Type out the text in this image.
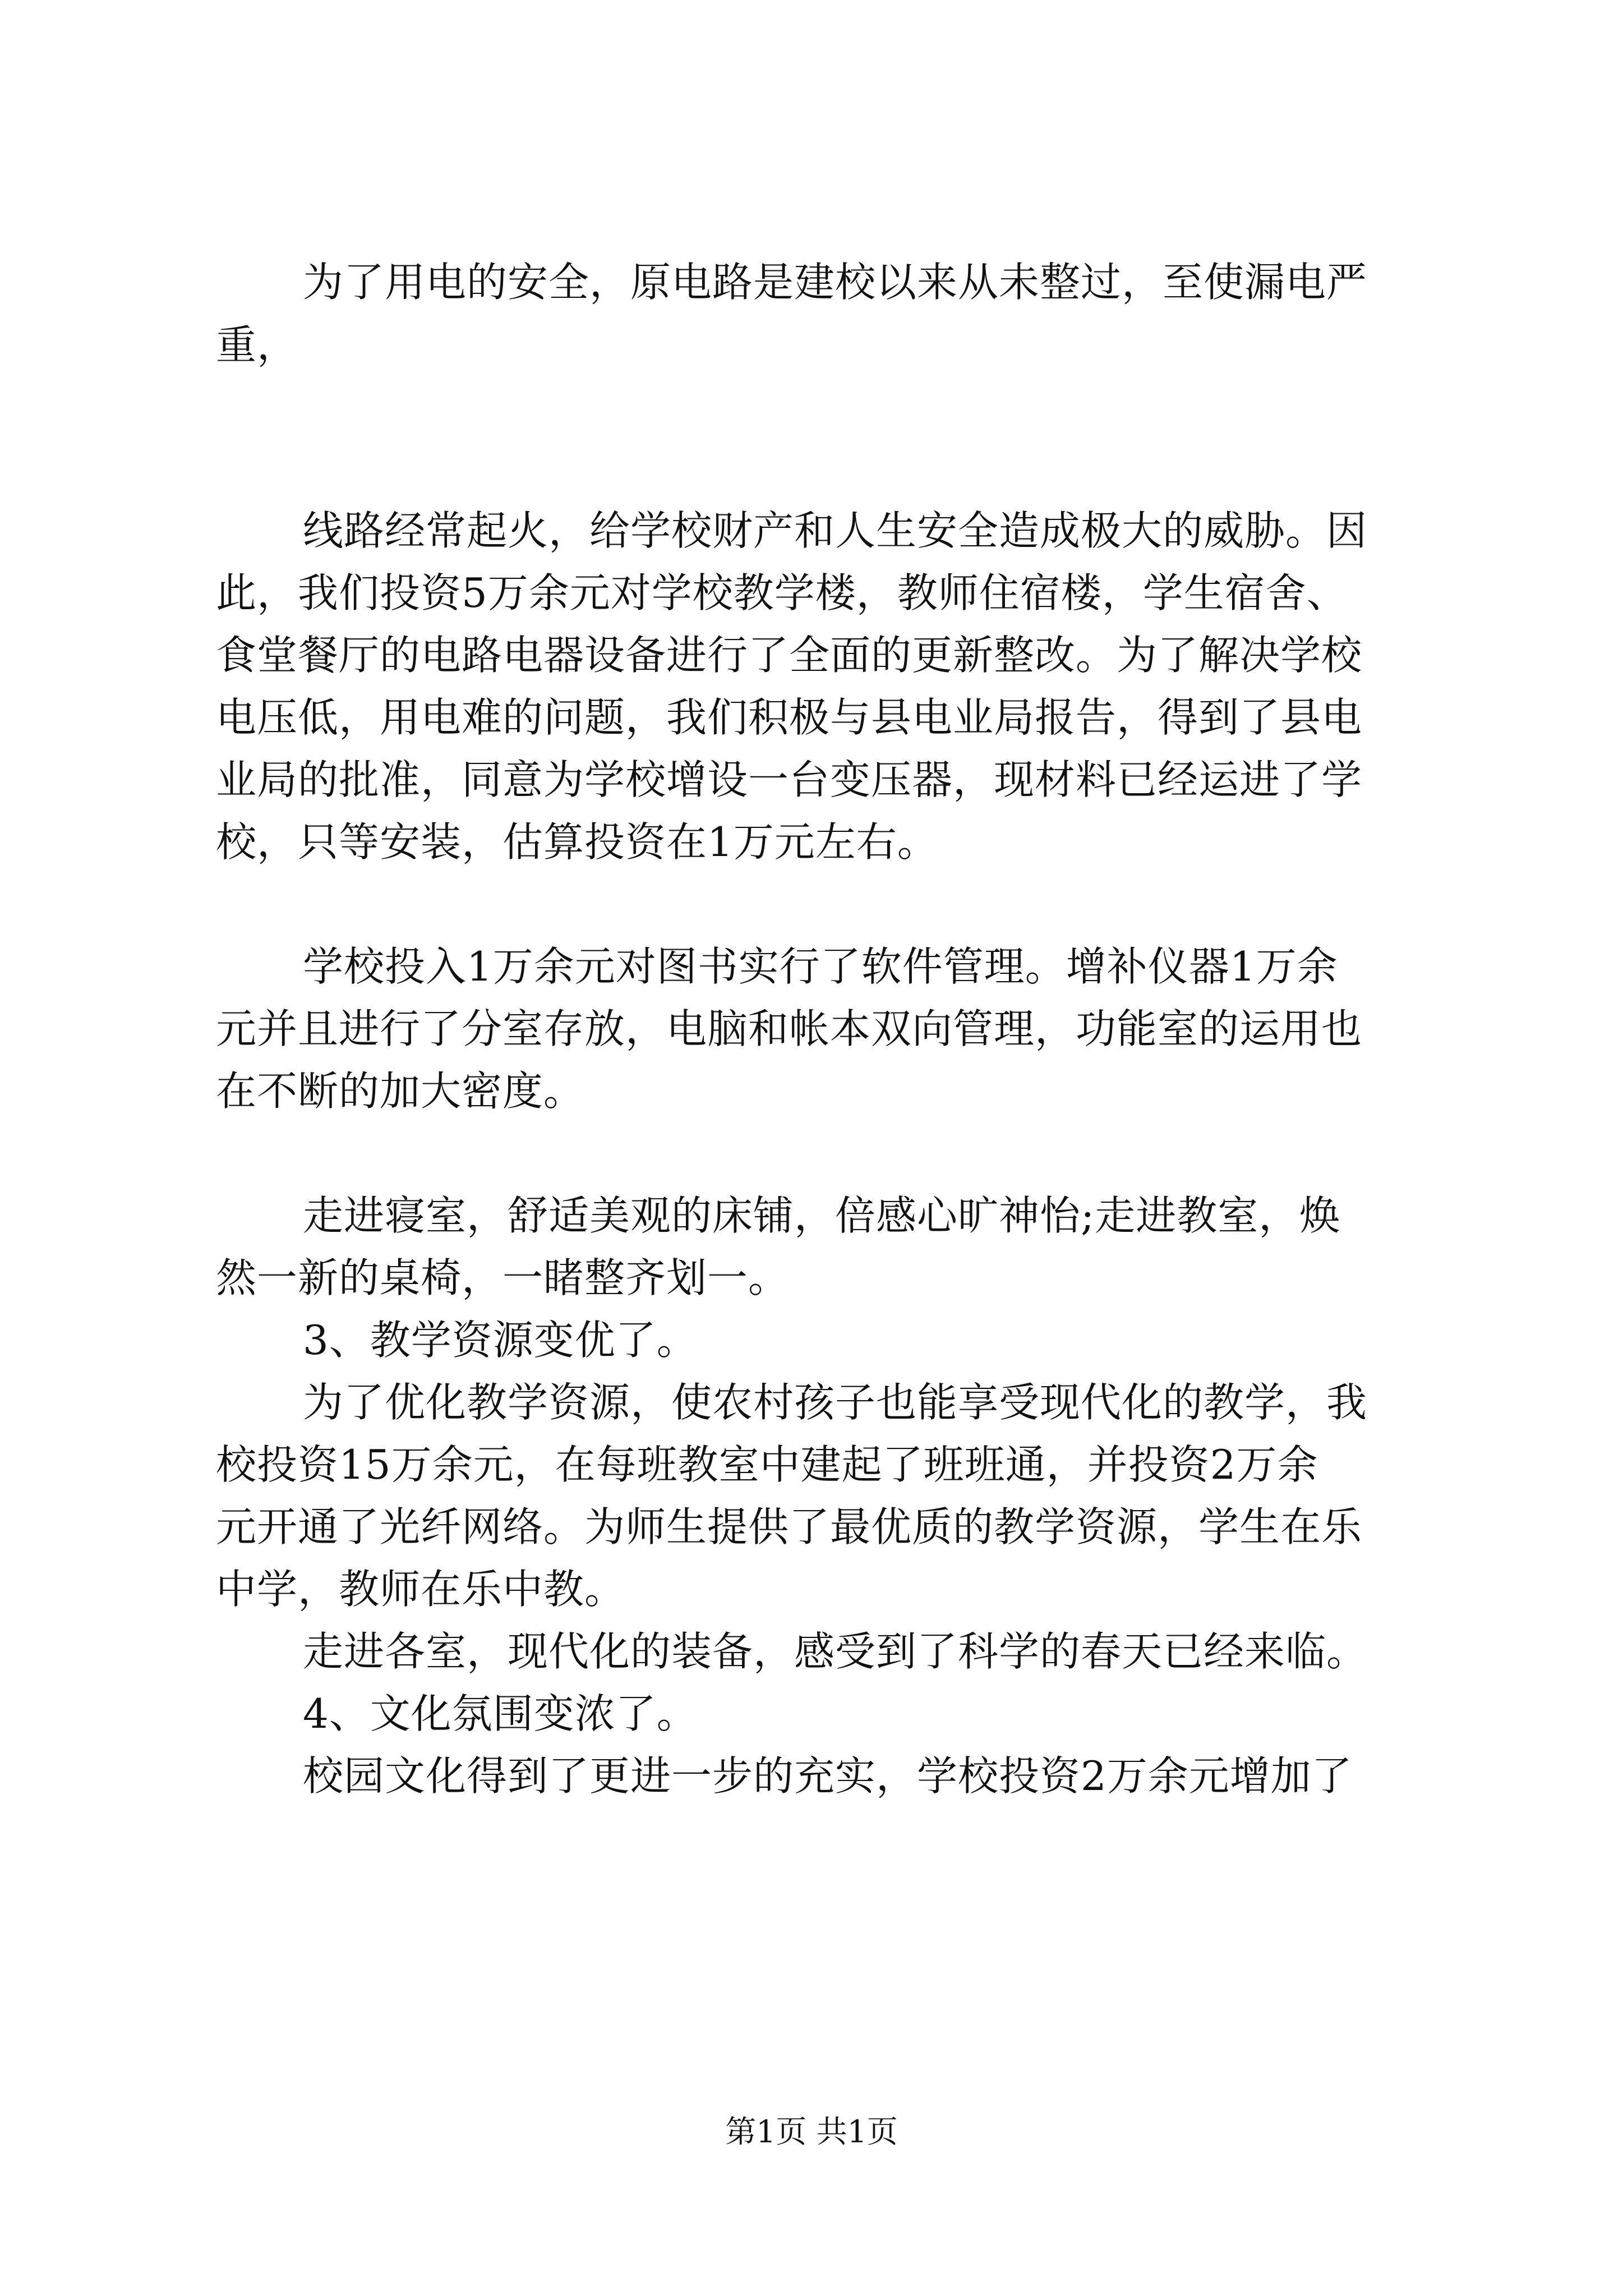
为了用电的安全，原电路是建校以来从未整过，至使漏电严

重，

线路经常起火，给学校财产和人生安全造成极大的威胁。因

此，我们投资5万余元对学校教学楼，教师住宿楼，学生宿舍、

食堂餐厅的电路电器设备进行了全面的更新整改。为了解决学校

电压低，用电难的问题，我们积极与县电业局报告，得到了县电

业局的批准，同意为学校增设一台变压器，现材料已经运进了学

校，只等安装，估算投资在1万元左右。

学校投入1万余元对图书实行了软件管理。增补仪器1万余

元并且进行了分室存放，电脑和帐本双向管理，功能室的运用也

在不断的加大密度。

走进寝室，舒适美观的床铺，倍感心旷神怡;走进教室，焕

然一新的桌椅，一睹整齐划一。

3、教学资源变优了。

为了优化教学资源，使农村孩子也能享受现代化的教学，我

校投资15万余元，在每班教室中建起了班班通，并投资2万余

元开通了光纤网络。为师生提供了最优质的教学资源，学生在乐

中学，教师在乐中教。

走进各室，现代化的装备，感受到了科学的春天已经来临。

4、文化氛围变浓了。

校园文化得到了更进一步的充实，学校投资2万余元增加了

第1页 共1页
